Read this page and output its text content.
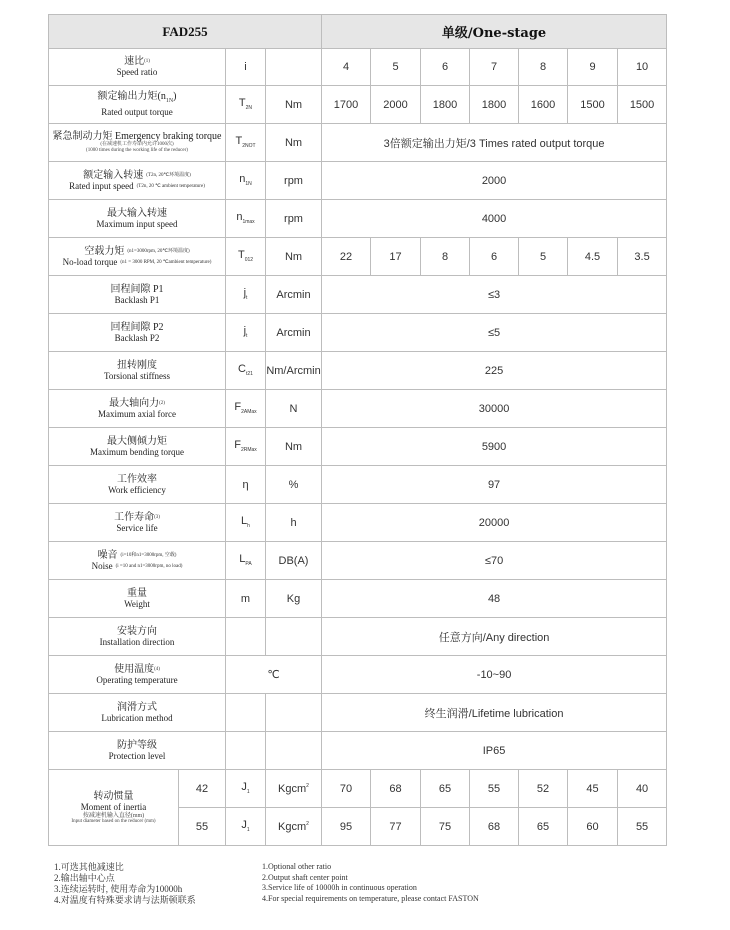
FAD255				单级/One-stage						

速比$^{(1)}$
Speed ratio		i		4	5	6	7	8	9	10

额定输出力矩$(n_{1N})$
Rated output torque		$T_{2N}$	Nm	1700	2000	1800	1800	1600	1500	1500

紧急制动力矩 Emergency braking torque
(在减速机工作寿命内允许1000次)
(1000 times during the working life of the reducer)		$T_{2NOT}$	Nm	3倍额定输出力矩/3 Times rated output torque						

额定输入转速 $^{(T2n, 20℃环境温度)}$
Rated input speed $^{(T2n, 20 ℃ ambient temperature)}$		$n_{1N}$	rpm	2000						

最大输入转速
Maximum input speed		$n_{1max}$	rpm	4000						

空载力矩 $^{(n1=3000rpm, 20℃环境温度)}$
No-load torque $^{(n1 = 3000 RPM, 20 ℃ambient temperature)}$		$T_{012}$	Nm	22	17	8	6	5	4.5	3.5

回程间隙 P1
Backlash P1		$j_t$	Arcmin	≤3						

回程间隙 P2
Backlash P2		$j_t$	Arcmin	≤5						

扭转刚度
Torsional stiffness		$C_{t21}$	Nm/Arcmin	225						

最大轴向力$^{(2)}$
Maximum axial force		$F_{2AMax}$	N	30000						

最大侧倾力矩
Maximum bending torque		$F_{2RMax}$	Nm	5900						

工作效率
Work efficiency		η	%	97						

工作寿命$^{(3)}$
Service life		$L_h$	h	20000						

噪音 $^{(i=10和n1=3000rpm, 空载)}$
Noise $^{(i =10 and n1=3000rpm, no load)}$		$L_{PA}$	DB(A)	≤70						

重量
Weight		m	Kg	48						

安装方向
Installation direction				任意方向/Any direction						

使用温度$^{(4)}$
Operating temperature		℃		-10~90						

润滑方式
Lubrication method				终生润滑/Lifetime lubrication						

防护等级
Protection level				IP65						

转动惯量
Moment of inertia
按减速机输入直径(mm)
Input diameter based on the reducer (mm)	42	$J_1$	Kgcm$^2$	70	68	65	55	52	45	40
	55	$J_1$	Kgcm$^2$	95	77	75	68	65	60	55
1.可选其他减速比
2.输出轴中心点
3.连续运转时, 使用寿命为10000h
4.对温度有特殊要求请与法斯顿联系
1.Optional other ratio
2.Output shaft center point
3.Service life of 10000h in continuous operation
4.For special requirements on temperature, please contact FASTON
